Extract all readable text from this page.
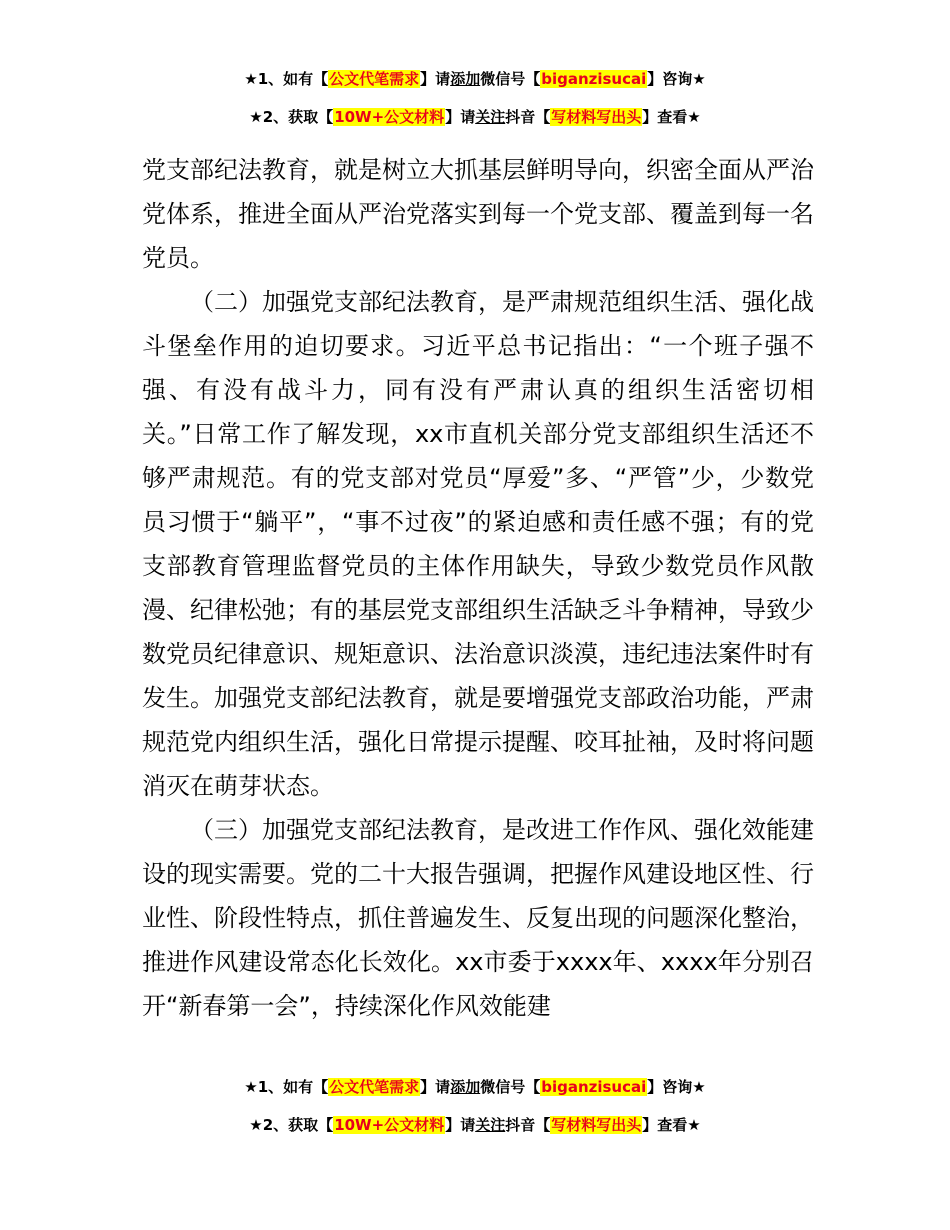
★1、如有【公文代笔需求】请添加微信号【biganzisucai】咨询★
★2、获取【10W+公文材料】请关注抖音【写材料写出头】查看★

党支部纪法教育，就是树立大抓基层鲜明导向，织密全面从严治党体系，推进全面从严治党落实到每一个党支部、覆盖到每一名党员。

（二）加强党支部纪法教育，是严肃规范组织生活、强化战斗堡垒作用的迫切要求。习近平总书记指出：“一个班子强不强、有没有战斗力，同有没有严肃认真的组织生活密切相关。”日常工作了解发现，xx市直机关部分党支部组织生活还不够严肃规范。有的党支部对党员“厚爱”多、“严管”少，少数党员习惯于“躺平”，“事不过夜”的紧迫感和责任感不强；有的党支部教育管理监督党员的主体作用缺失，导致少数党员作风散漫、纪律松弛；有的基层党支部组织生活缺乏斗争精神，导致少数党员纪律意识、规矩意识、法治意识淡漠，违纪违法案件时有发生。加强党支部纪法教育，就是要增强党支部政治功能，严肃规范党内组织生活，强化日常提示提醒、咬耳扯袖，及时将问题消灭在萌芽状态。

（三）加强党支部纪法教育，是改进工作作风、强化效能建设的现实需要。党的二十大报告强调，把握作风建设地区性、行业性、阶段性特点，抓住普遍发生、反复出现的问题深化整治，推进作风建设常态化长效化。xx市委于xxxx年、xxxx年分别召开“新春第一会”，持续深化作风效能建

★1、如有【公文代笔需求】请添加微信号【biganzisucai】咨询★
★2、获取【10W+公文材料】请关注抖音【写材料写出头】查看★
